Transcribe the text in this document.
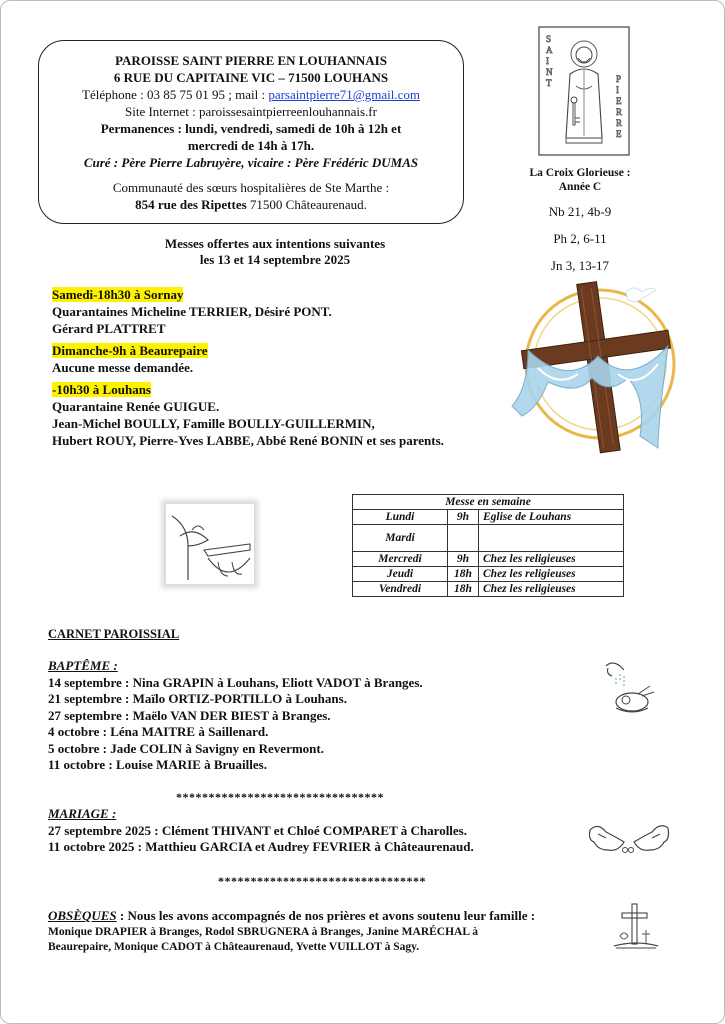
PAROISSE SAINT PIERRE EN LOUHANNAIS
6 RUE DU CAPITAINE VIC – 71500 LOUHANS
Téléphone : 03 85 75 01 95 ; mail : parsaintpierre71@gmail.com
Site Internet : paroissesaintpierreenlouhannais.fr
Permanences : lundi, vendredi, samedi de 10h à 12h et
mercredi de 14h à 17h.
Curé : Père Pierre Labruyère, vicaire : Père Frédéric DUMAS
Communauté des sœurs hospitalières de Ste Marthe :
854 rue des Ripettes 71500 Châteaurenaud.
S
A
I
N
T	P
I
E
R
R
E
La Croix Glorieuse :
Année C
Nb 21, 4b-9
Ph 2, 6-11
Jn 3, 13-17
Messes offertes aux intentions suivantes
les 13 et 14 septembre 2025
Samedi-18h30 à Sornay
Quarantaines Micheline TERRIER, Désiré PONT.
Gérard PLATTRET
Dimanche-9h à Beaurepaire
Aucune messe demandée.
-10h30 à Louhans
Quarantaine Renée GUIGUE.
Jean-Michel BOULLY, Famille BOULLY-GUILLERMIN,
Hubert ROUY, Pierre-Yves LABBE, Abbé René BONIN et ses parents.
Messe en semaine		
Lundi	9h	Eglise de Louhans
Mardi		
Mercredi	9h	Chez les religieuses
Jeudi	18h	Chez les religieuses
Vendredi	18h	Chez les religieuses
CARNET PAROISSIAL
BAPTÊME :
14 septembre : Nina GRAPIN à Louhans, Eliott VADOT à Branges.
21 septembre : Maïlo ORTIZ-PORTILLO à Louhans.
27 septembre : Maëlo VAN DER BIEST à Branges.
4 octobre : Léna MAITRE à Saillenard.
5 octobre : Jade COLIN à Savigny en Revermont.
11 octobre : Louise MARIE à Bruailles.
********************************
MARIAGE :
27 septembre 2025 : Clément THIVANT et Chloé COMPARET à Charolles.
11 octobre 2025 : Matthieu GARCIA et Audrey FEVRIER à Châteaurenaud.
********************************
OBSÈQUES : Nous les avons accompagnés de nos prières et avons soutenu leur famille :
Monique DRAPIER à Branges, Rodol SBRUGNERA à Branges, Janine MARÉCHAL à
Beaurepaire, Monique CADOT à Châteaurenaud, Yvette VUILLOT à Sagy.
